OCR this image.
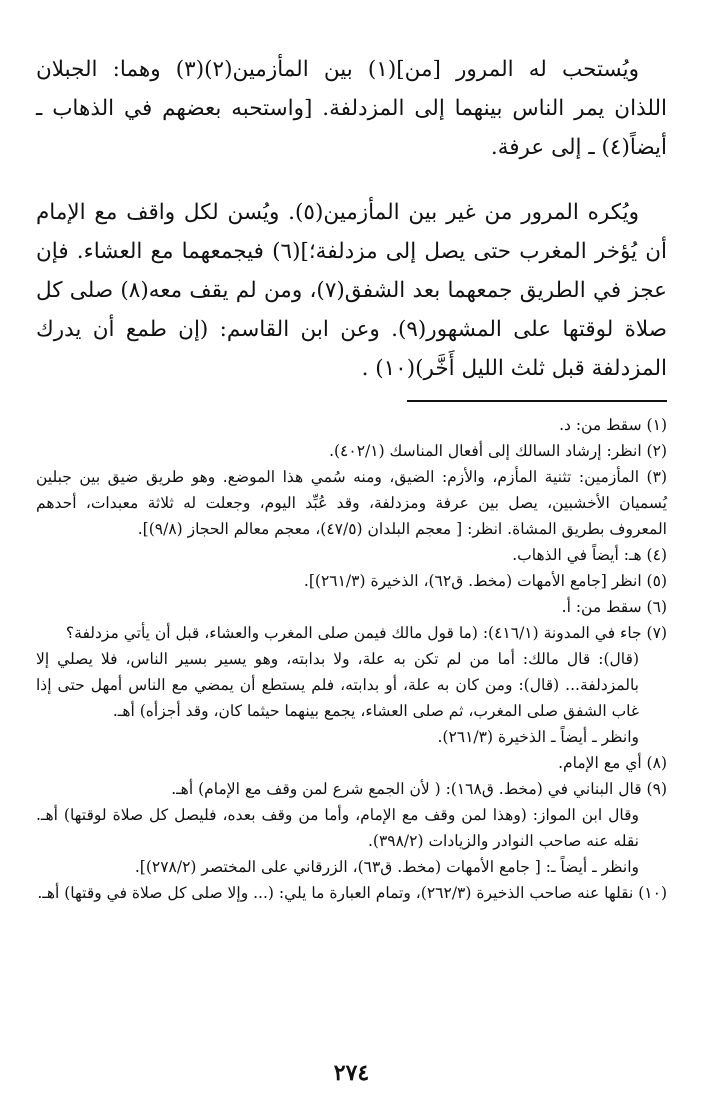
ويُستحب له المرور [من](١) بين المأزمين(٢)(٣) وهما: الجبلان اللذان يمر الناس بينهما إلى المزدلفة. [واستحبه بعضهم في الذهاب ـ أيضاً(٤) ـ إلى عرفة.

ويُكره المرور من غير بين المأزمين(٥). ويُسن لكل واقف مع الإمام أن يُؤخر المغرب حتى يصل إلى مزدلفة؛](٦) فيجمعهما مع العشاء. فإن عجز في الطريق جمعهما بعد الشفق(٧)، ومن لم يقف معه(٨) صلى كل صلاة لوقتها على المشهور(٩). وعن ابن القاسم: (إن طمع أن يدرك المزدلفة قبل ثلث الليل أَخَّر)(١٠) .

(١) سقط من: د.

(٢) انظر: إرشاد السالك إلى أفعال المناسك (٤٠٢/١).

(٣) المأزمين: تثنية المأزم، والأزم: الضيق، ومنه سُمي هذا الموضع. وهو طريق ضيق بين جبلين يُسميان الأخشبين، يصل بين عرفة ومزدلفة، وقد عُبِّد اليوم، وجعلت له ثلاثة معبدات، أحدهم المعروف بطريق المشاة. انظر: [ معجم البلدان (٤٧/٥)، معجم معالم الحجاز (٩/٨)].

(٤) هـ: أيضاً في الذهاب.

(٥) انظر [جامع الأمهات (مخط. ق٦٢)، الذخيرة (٢٦١/٣)].

(٦) سقط من: أ.

(٧) جاء في المدونة (٤١٦/١): (ما قول مالك فيمن صلى المغرب والعشاء، قبل أن يأتي مزدلفة؟

(قال): قال مالك: أما من لم تكن به علة، ولا بدابته، وهو يسير بسير الناس، فلا يصلي إلا بالمزدلفة... (قال): ومن كان به علة، أو بدابته، فلم يستطع أن يمضي مع الناس أمهل حتى إذا غاب الشفق صلى المغرب، ثم صلى العشاء، يجمع بينهما حيثما كان، وقد أجزأه) أهـ.

وانظر ـ أيضاً ـ الذخيرة (٢٦١/٣).

(٨) أي مع الإمام.

(٩) قال البناني في (مخط. ق١٦٨): ( لأن الجمع شرع لمن وقف مع الإمام) أهـ.

وقال ابن المواز: (وهذا لمن وقف مع الإمام، وأما من وقف بعده، فليصل كل صلاة لوقتها) أهـ. نقله عنه صاحب النوادر والزيادات (٣٩٨/٢).

وانظر ـ أيضاً ـ: [ جامع الأمهات (مخط. ق٦٣)، الزرقاني على المختصر (٢٧٨/٢)].

(١٠) نقلها عنه صاحب الذخيرة (٢٦٢/٣)، وتمام العبارة ما يلي: (... وإلا صلى كل صلاة في وقتها) أهـ.

٢٧٤
